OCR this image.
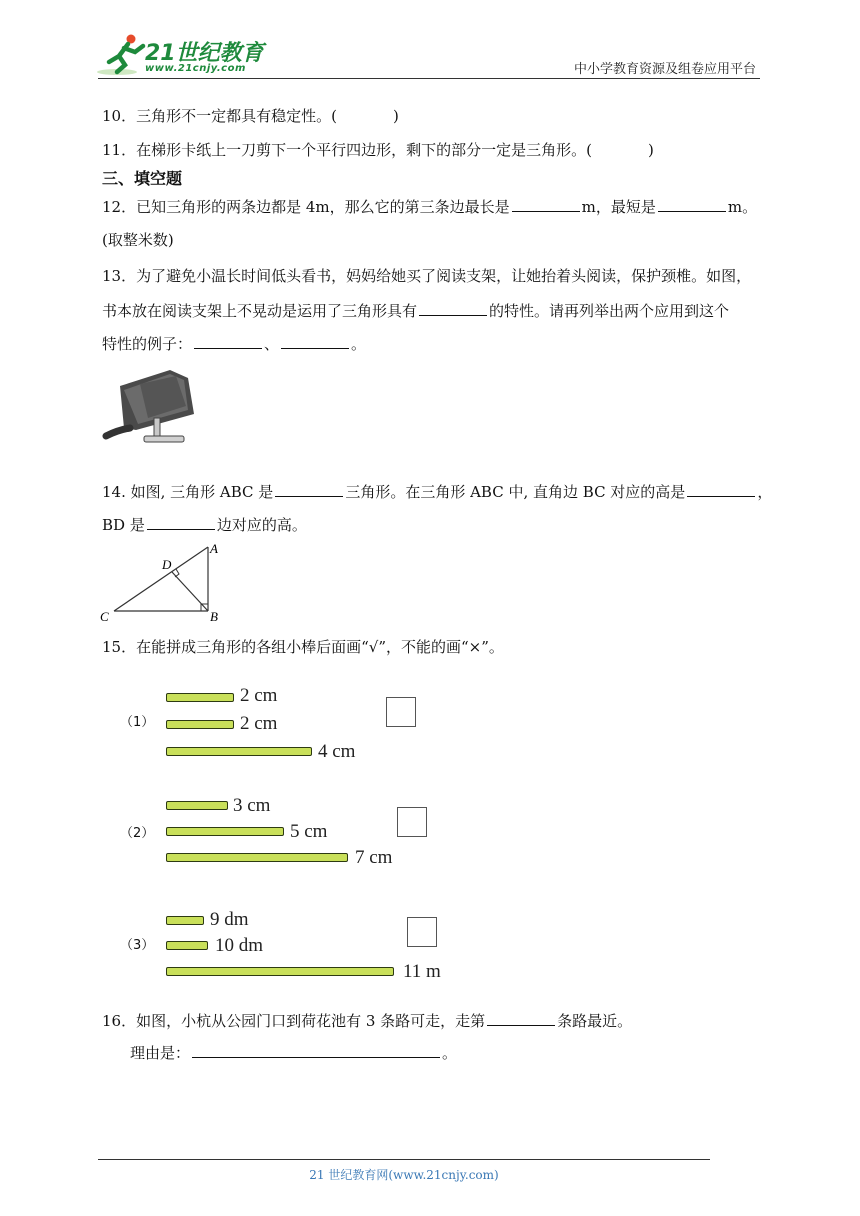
21世纪教育
www.21cnjy.com	中小学教育资源及组卷应用平台
10．三角形不一定都具有稳定性。(	)
11．在梯形卡纸上一刀剪下一个平行四边形，剩下的部分一定是三角形。(	)
三、填空题
12．已知三角形的两条边都是 4m，那么它的第三条边最长是	m，最短是	m。
(取整米数)
13．为了避免小温长时间低头看书，妈妈给她买了阅读支架，让她抬着头阅读，保护颈椎。如图，
书本放在阅读支架上不晃动是运用了三角形具有	的特性。请再列举出两个应用到这个
特性的例子：	、	。
14. 如图, 三角形 ABC 是	三角形。在三角形 ABC 中, 直角边 BC 对应的高是	，
BD 是	边对应的高。
A
B
C
D
15．在能拼成三角形的各组小棒后面画“√”，不能的画“×”。
（1）
2 cm
2 cm
4 cm
（2）
3 cm
5 cm
7 cm
（3）
9 dm
10 dm
11 m
16．如图，小杭从公园门口到荷花池有 3 条路可走，走第	条路最近。
理由是：	。
21 世纪教育网(www.21cnjy.com)
